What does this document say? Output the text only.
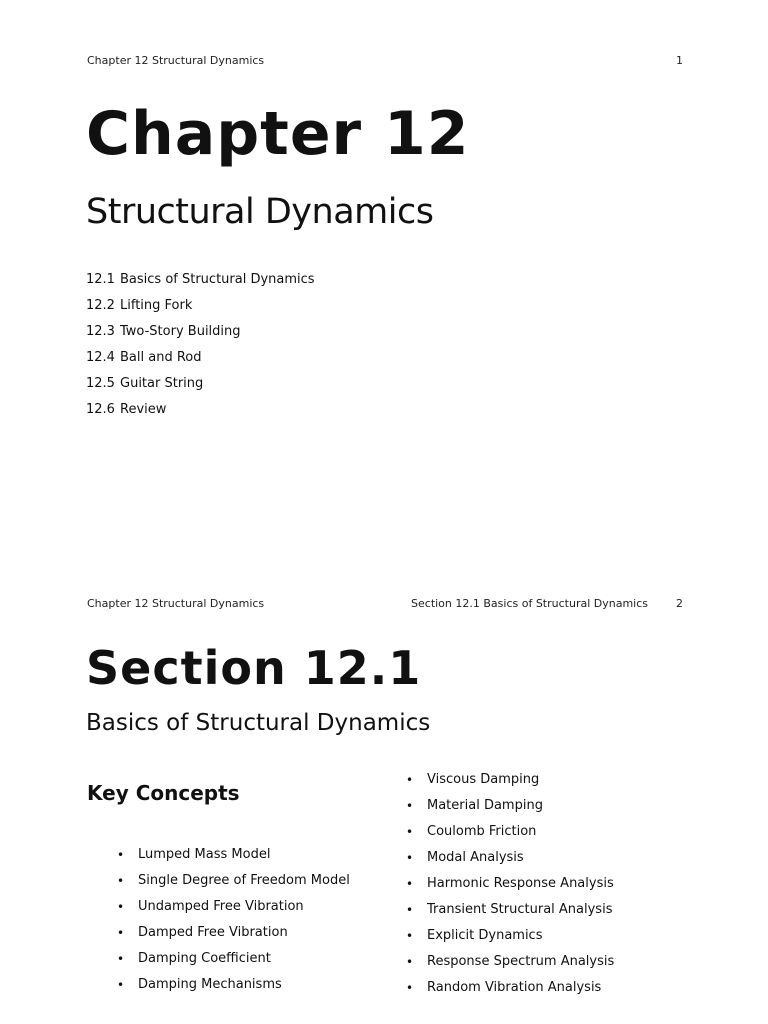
Chapter 12 Structural Dynamics	1
Chapter 12
Structural Dynamics
12.1 Basics of Structural Dynamics
12.2 Lifting Fork
12.3 Two-Story Building
12.4 Ball and Rod
12.5 Guitar String
12.6 Review
Chapter 12 Structural Dynamics	Section 12.1 Basics of Structural Dynamics	2
Section 12.1
Basics of Structural Dynamics
Key Concepts
•	Lumped Mass Model
•	Single Degree of Freedom Model
•	Undamped Free Vibration
•	Damped Free Vibration
•	Damping Coefficient
•	Damping Mechanisms
•	Viscous Damping
•	Material Damping
•	Coulomb Friction
•	Modal Analysis
•	Harmonic Response Analysis
•	Transient Structural Analysis
•	Explicit Dynamics
•	Response Spectrum Analysis
•	Random Vibration Analysis
